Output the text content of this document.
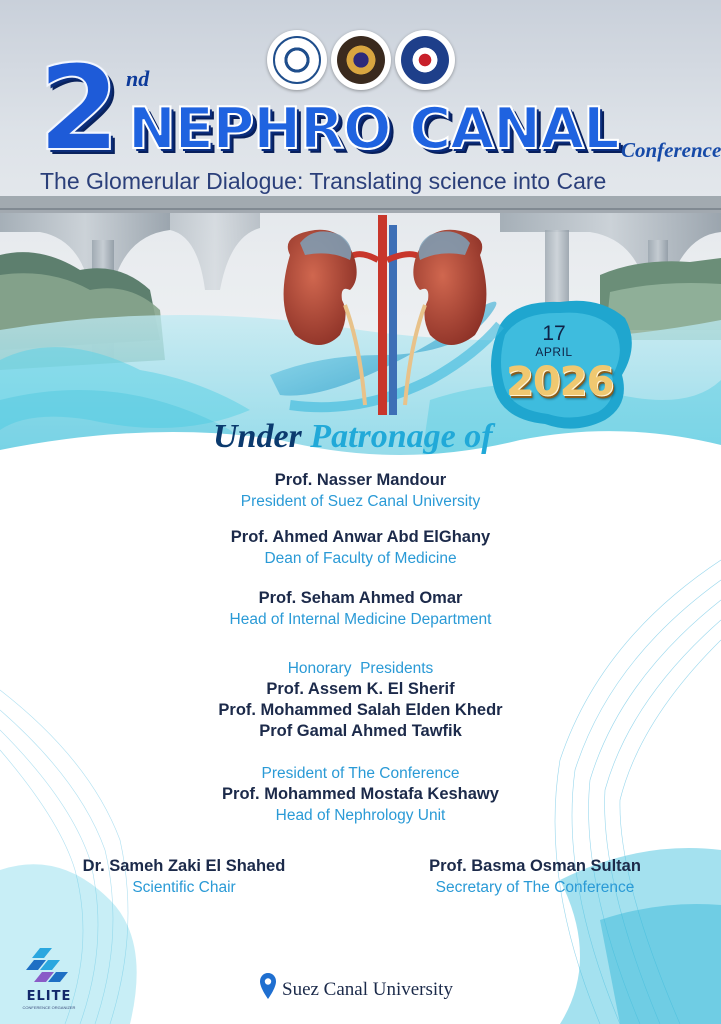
2 nd
NEPHRO CANAL Conference
The Glomerular Dialogue: Translating science into Care
17
APRIL
2026
Under Patronage of
Prof. Nasser Mandour
President of Suez Canal University
Prof. Ahmed Anwar Abd ElGhany
Dean of Faculty of Medicine
Prof. Seham Ahmed Omar
Head of Internal Medicine Department
Honorary  Presidents
Prof. Assem K. El Sherif
Prof. Mohammed Salah Elden Khedr
Prof Gamal Ahmed Tawfik
President of The Conference
Prof. Mohammed Mostafa Keshawy
Head of Nephrology Unit
Dr. Sameh Zaki El Shahed
Scientific Chair
Prof. Basma Osman Sultan
Secretary of The Conference
ELITE
CONFERENCE ORGANIZER
Suez Canal University
